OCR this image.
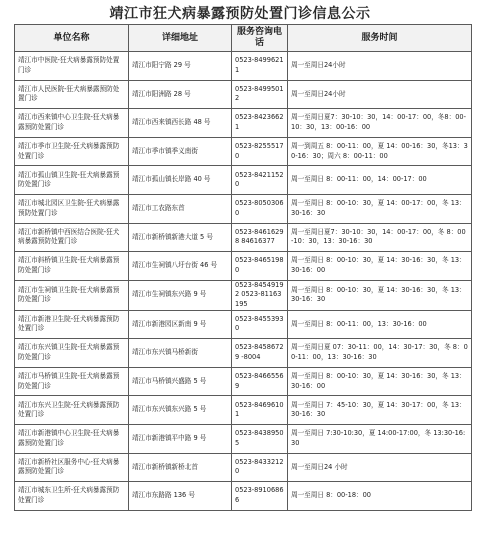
靖江市狂犬病暴露预防处置门诊信息公示
单位名称	详细地址	服务咨询电话	服务时间
靖江市中医院-狂犬病暴露预防处置门诊	靖江市阳宁路 29 号	0523-84996211	周一至周日24小时
靖江市人民医院-狂犬病暴露预防处置门诊	靖江市阳洲路 28 号	0523-84995012	周一至周日24小时
靖江市西来镇中心卫生院-狂犬病暴露预防处置门诊	靖江市西来镇西长路 48 号	0523-84236621	周一至周日夏7：30-10：30，14：00-17：00，冬8：00-10：30，13：00-16：00
靖江市季市卫生院-狂犬病暴露预防处置门诊	靖江市季市镇季义南街	0523-82555170	周一到周五 8：00-11：00，夏 14：00-16：30，冬13：30-16：30；周六 8：00-11：00
靖江市孤山镇卫生院-狂犬病暴露预防处置门诊	靖江市孤山镇长岸路 40 号	0523-84211520	周一至周日 8：00-11：00，14：00-17：00
靖江市城北园区卫生院-狂犬病暴露预防处置门诊	靖江市工农路东首	0523-80503060	周一至周日 8：00-10：30，夏 14：00-17：00，冬 13：30-16：30
靖江市新桥镇中西医结合医院-狂犬病暴露预防处置门诊	靖江市新桥镇新港大道 5 号	0523-84616298 84616377	周一至周日夏7：30-10：30，14：00-17：00，冬 8：00-10：30，13：30-16：30
靖江市斜桥镇卫生院-狂犬病暴露预防处置门诊	靖江市生祠镇八圩台街 46 号	0523-84651980	周一至周日 8：00-10：30，夏 14：30-16：30，冬 13：30-16：00
靖江市生祠镇卫生院-狂犬病暴露预防处置门诊	靖江市生祠镇东兴路 9 号	0523-84549192 0523-81163195	周一至周日 8：00-10：30，夏 14：30-16：30，冬 13：30-16：30
靖江市新港卫生院-狂犬病暴露预防处置门诊	靖江市新港园区新南 9 号	0523-84553930	周一至周日 8：00-11：00，13：30-16：00
靖江市东兴镇卫生院-狂犬病暴露预防处置门诊	靖江市东兴镇马桥新街	0523-84586729 -8004	周一至周日夏 07：30-11：00，14：30-17：30，冬 8：00-11：00，13：30-16：30
靖江市马桥镇卫生院-狂犬病暴露预防处置门诊	靖江市马桥镇兴盛路 5 号	0523-84665569	周一至周日 8：00-10：30，夏 14：30-16：30，冬 13：30-16：00
靖江市东兴卫生院-狂犬病暴露预防处置门诊	靖江市东兴镇东兴路 5 号	0523-84696101	周一至周日 7：45-10：30，夏 14：30-17：00，冬 13：30-16：30
靖江市新港镇中心卫生院-狂犬病暴露预防处置门诊	靖江市新港镇平中路 9 号	0523-84389505	周一至周日 7:30-10:30，夏 14:00-17:00，冬 13:30-16:30
靖江市新桥社区服务中心-狂犬病暴露预防处置门诊	靖江市新桥镇新桥北首	0523-84332120	周一至周日24 小时
靖江市城东卫生所-狂犬病暴露预防处置门诊	靖江市东路路 136 号	0523-89106866	周一至周日 8：00-18：00
